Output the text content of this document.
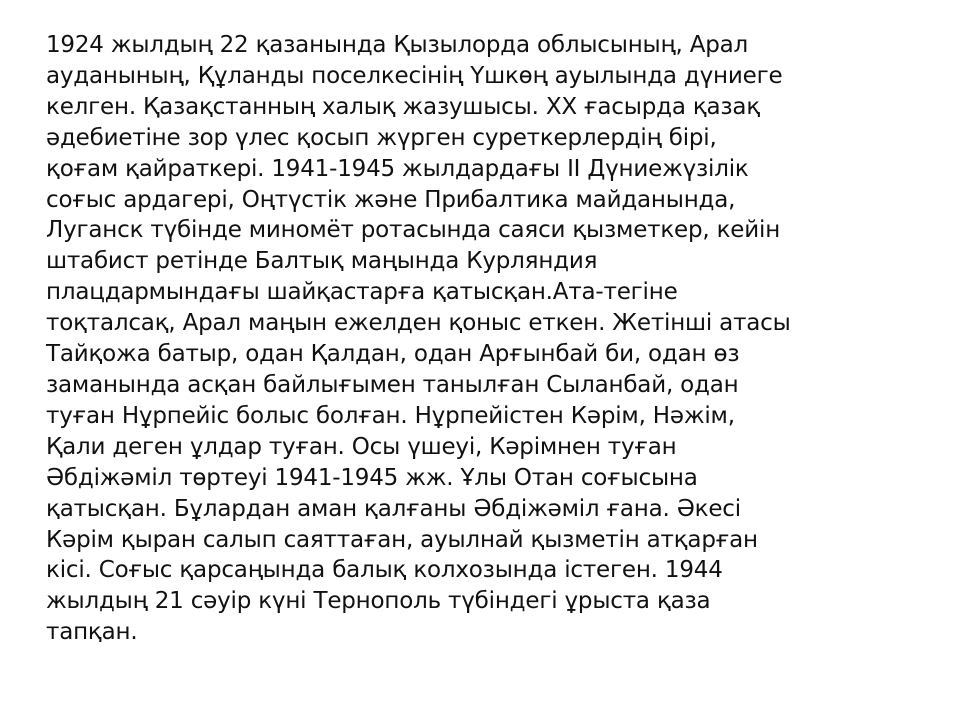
1924 жылдың 22 қазанында Қызылорда облысының, Арал
ауданының, Құланды поселкесінің Үшкөң ауылында дүниеге
келген. Қазақстанның халық жазушысы. XX ғасырда қазақ
әдебиетіне зор үлес қосып жүрген суреткерлердің бірі,
қоғам қайраткері. 1941-1945 жылдардағы II Дүниежүзілік
соғыс ардагері, Оңтүстік және Прибалтика майданында,
Луганск түбінде миномёт ротасында саяси қызметкер, кейін
штабист ретінде Балтық маңында Курляндия
плацдармындағы шайқастарға қатысқан.Ата-тегіне
тоқталсақ, Арал маңын ежелден қоныс еткен. Жетінші атасы
Тайқожа батыр, одан Қалдан, одан Арғынбай би, одан өз
заманында асқан байлығымен танылған Сыланбай, одан
туған Нұрпейіс болыс болған. Нұрпейістен Кәрім, Нәжім,
Қали деген ұлдар туған. Осы үшеуі, Кәрімнен туған
Әбдіжәміл төртеуі 1941-1945 жж. Ұлы Отан соғысына
қатысқан. Бұлардан аман қалғаны Әбдіжәміл ғана. Әкесі
Кәрім қыран салып саяттаған, ауылнай қызметін атқарған
кісі. Соғыс қарсаңында балық колхозында істеген. 1944
жылдың 21 сәуір күні Тернополь түбіндегі ұрыста қаза
тапқан.
